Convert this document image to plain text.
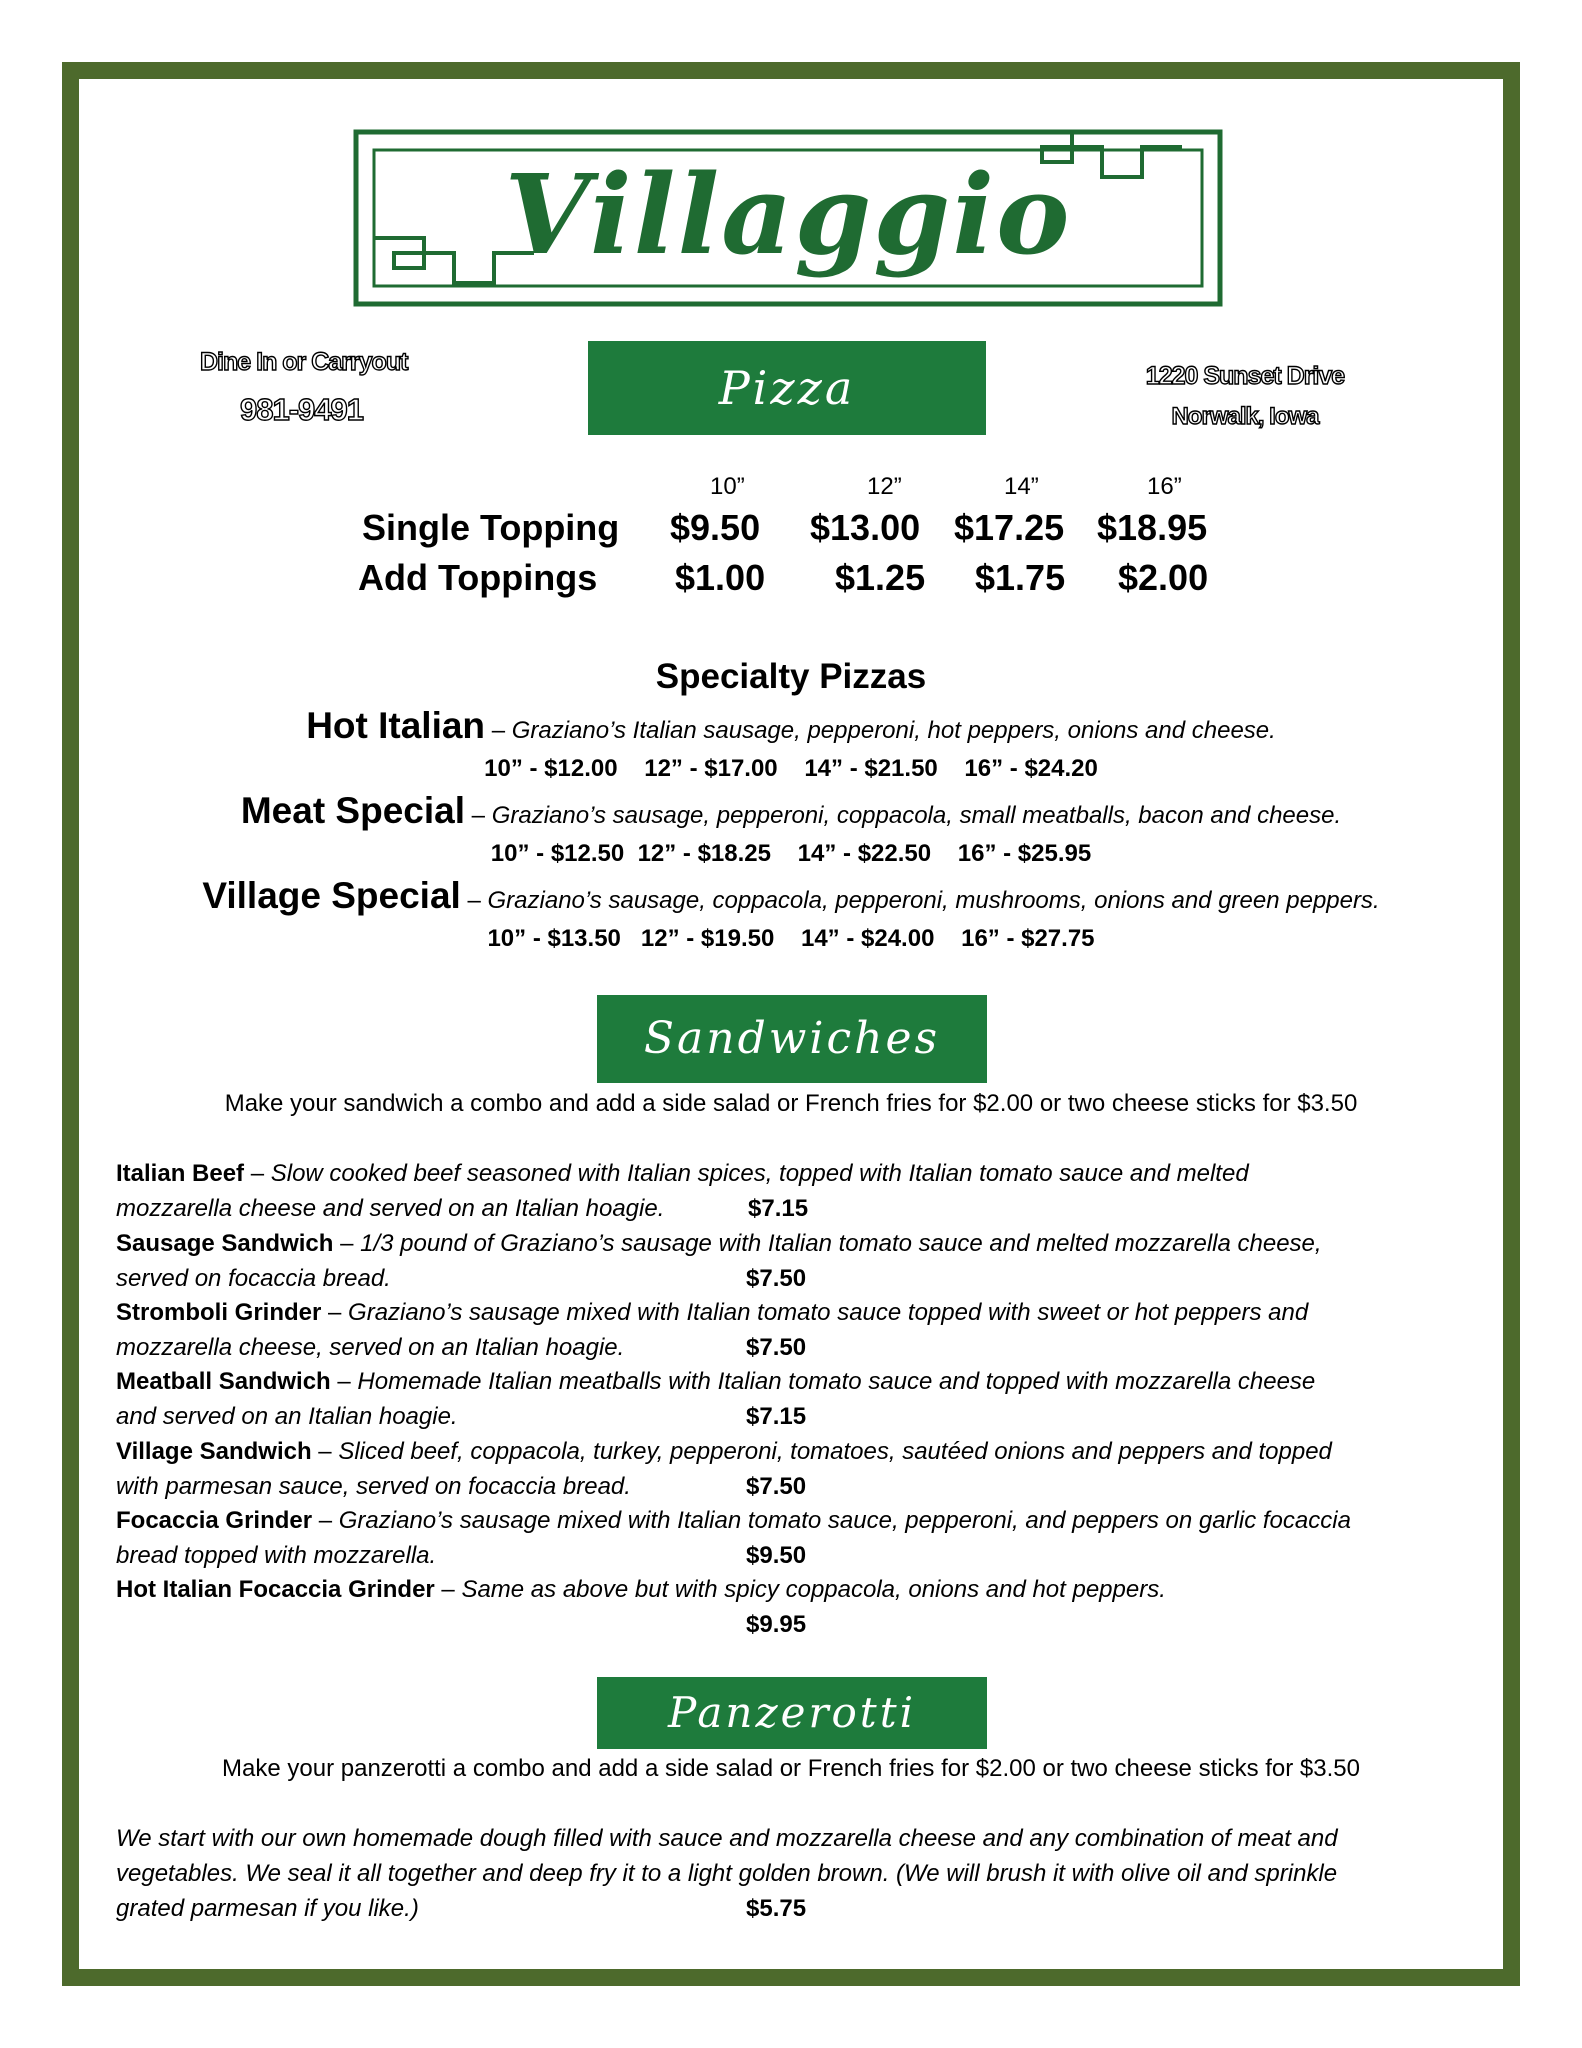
Villaggio
Dine In or Carryout
981-9491
1220 Sunset Drive
Norwalk, Iowa
Pizza
10”	12”	14”	16”
Single Topping $9.50 $13.00 $17.25 $18.95
Add Toppings $1.00 $1.25 $1.75 $2.00
Specialty Pizzas
Hot Italian – Graziano’s Italian sausage, pepperoni, hot peppers, onions and cheese.
10” - $12.00    12” - $17.00    14” - $21.50    16” - $24.20
Meat Special – Graziano’s sausage, pepperoni, coppacola, small meatballs, bacon and cheese.
10” - $12.50  12” - $18.25    14” - $22.50    16” - $25.95
Village Special – Graziano’s sausage, coppacola, pepperoni, mushrooms, onions and green peppers.
10” - $13.50   12” - $19.50    14” - $24.00    16” - $27.75
Sandwiches
Make your sandwich a combo and add a side salad or French fries for $2.00 or two cheese sticks for $3.50
Italian Beef – Slow cooked beef seasoned with Italian spices, topped with Italian tomato sauce and melted
mozzarella cheese and served on an Italian hoagie.	$7.15
Sausage Sandwich – 1/3 pound of Graziano’s sausage with Italian tomato sauce and melted mozzarella cheese,
served on focaccia bread.	$7.50
Stromboli Grinder – Graziano’s sausage mixed with Italian tomato sauce topped with sweet or hot peppers and
mozzarella cheese, served on an Italian hoagie.	$7.50
Meatball Sandwich – Homemade Italian meatballs with Italian tomato sauce and topped with mozzarella cheese
and served on an Italian hoagie.	$7.15
Village Sandwich – Sliced beef, coppacola, turkey, pepperoni, tomatoes, sautéed onions and peppers and topped
with parmesan sauce, served on focaccia bread.	$7.50
Focaccia Grinder – Graziano’s sausage mixed with Italian tomato sauce, pepperoni, and peppers on garlic focaccia
bread topped with mozzarella.	$9.50
Hot Italian Focaccia Grinder – Same as above but with spicy coppacola, onions and hot peppers.
$9.95
Panzerotti
Make your panzerotti a combo and add a side salad or French fries for $2.00 or two cheese sticks for $3.50
We start with our own homemade dough filled with sauce and mozzarella cheese and any combination of meat and
vegetables. We seal it all together and deep fry it to a light golden brown. (We will brush it with olive oil and sprinkle
grated parmesan if you like.)	$5.75
